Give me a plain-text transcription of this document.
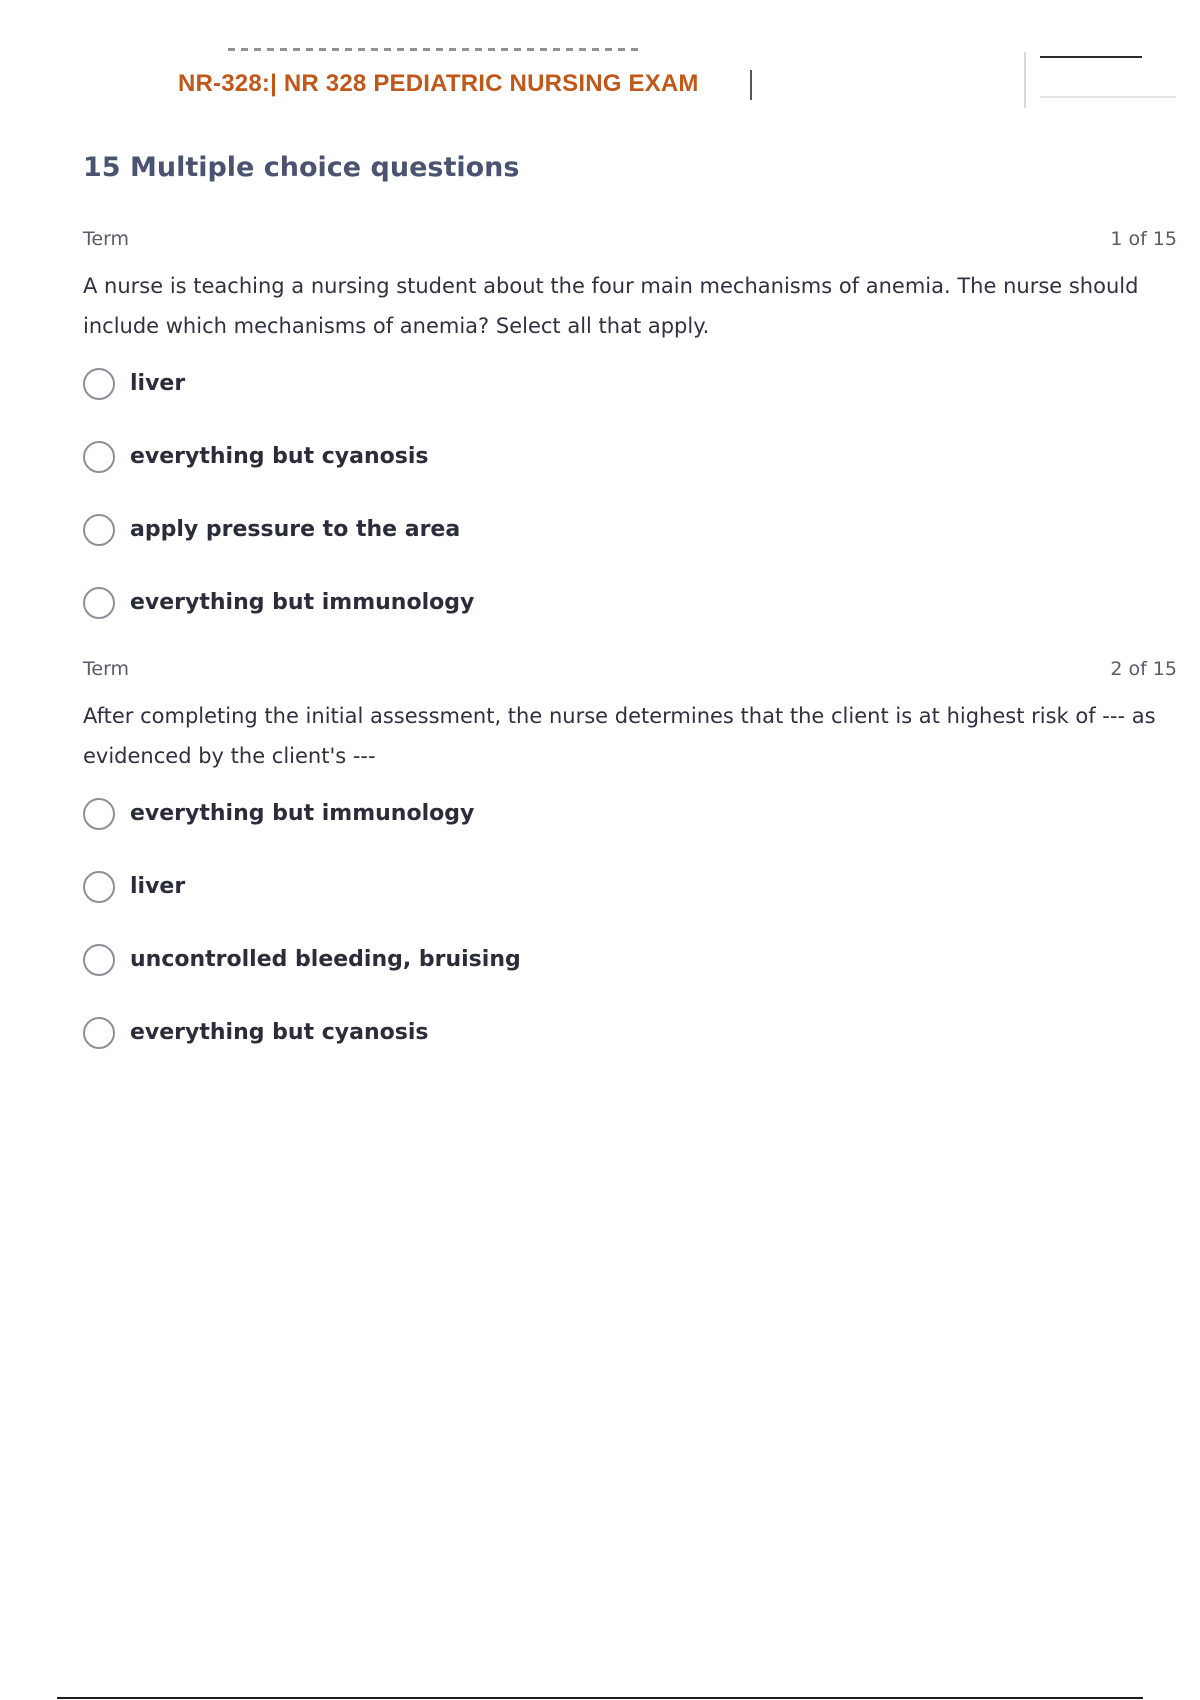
NR-328:| NR 328 PEDIATRIC NURSING EXAM
15 Multiple choice questions
Term	1 of 15
A nurse is teaching a nursing student about the four main mechanisms of anemia. The nurse should include which mechanisms of anemia? Select all that apply.
liver
everything but cyanosis
apply pressure to the area
everything but immunology
Term	2 of 15
After completing the initial assessment, the nurse determines that the client is at highest risk of --- as evidenced by the client's ---
everything but immunology
liver
uncontrolled bleeding, bruising
everything but cyanosis
